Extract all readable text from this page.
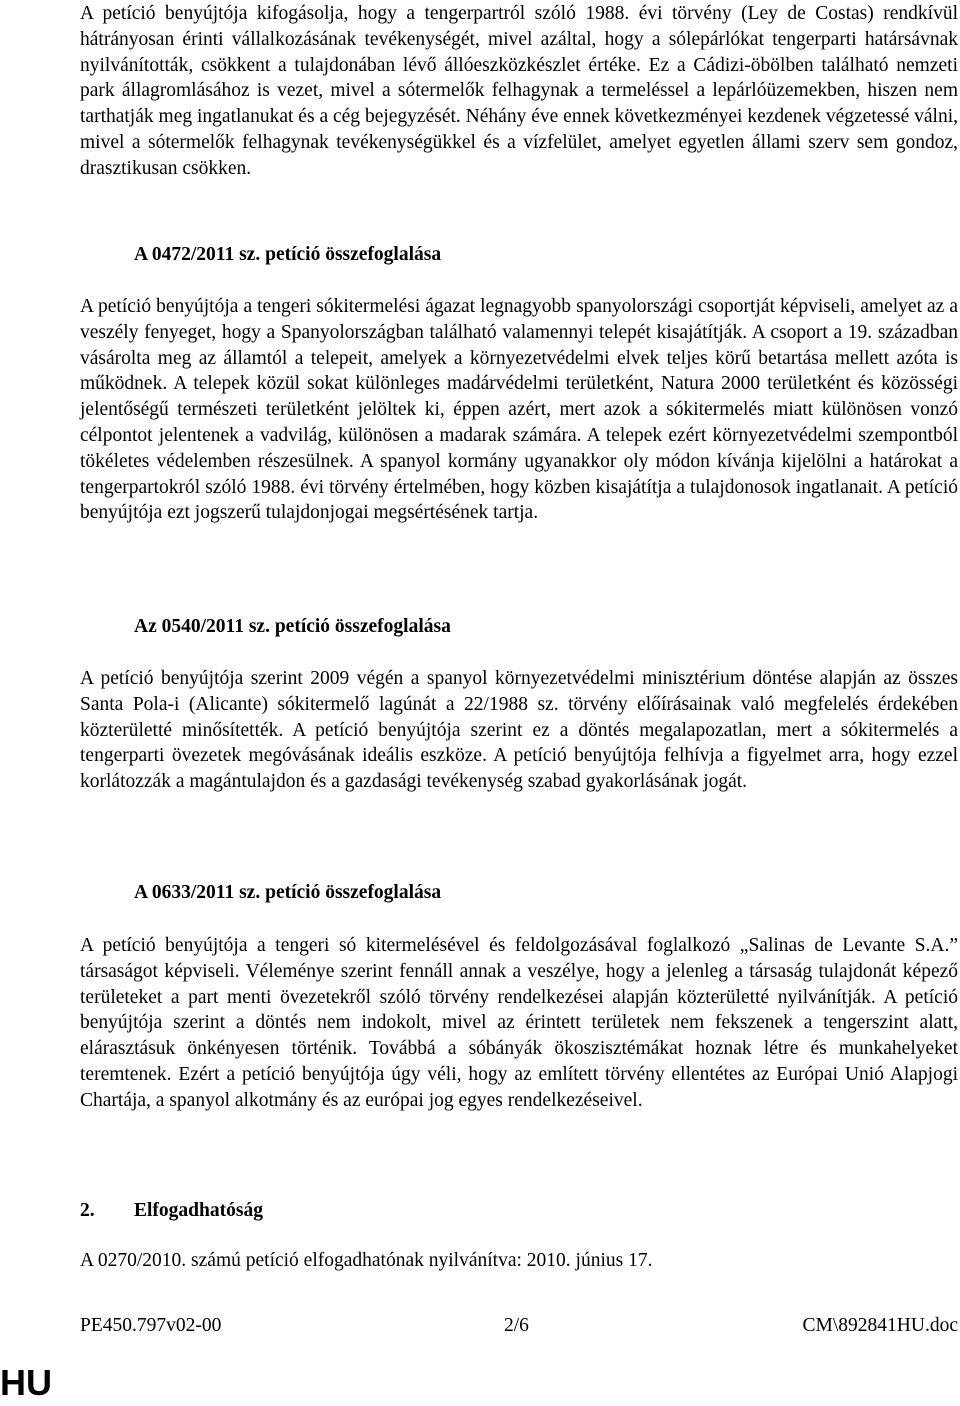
A petíció benyújtója kifogásolja, hogy a tengerpartról szóló 1988. évi törvény (Ley de Costas) rendkívül hátrányosan érinti vállalkozásának tevékenységét, mivel azáltal, hogy a sólepárlókat tengerparti határsávnak nyilvánították, csökkent a tulajdonában lévő állóeszközkészlet értéke. Ez a Cádizi-öbölben található nemzeti park állagromlásához is vezet, mivel a sótermelők felhagynak a termeléssel a lepárlóüzemekben, hiszen nem tarthatják meg ingatlanukat és a cég bejegyzését. Néhány éve ennek következményei kezdenek végzetessé válni, mivel a sótermelők felhagynak tevékenységükkel és a vízfelület, amelyet egyetlen állami szerv sem gondoz, drasztikusan csökken.

A 0472/2011 sz. petíció összefoglalása

A petíció benyújtója a tengeri sókitermelési ágazat legnagyobb spanyolországi csoportját képviseli, amelyet az a veszély fenyeget, hogy a Spanyolországban található valamennyi telepét kisajátítják. A csoport a 19. században vásárolta meg az államtól a telepeit, amelyek a környezetvédelmi elvek teljes körű betartása mellett azóta is működnek. A telepek közül sokat különleges madárvédelmi területként, Natura 2000 területként és közösségi jelentőségű természeti területként jelöltek ki, éppen azért, mert azok a sókitermelés miatt különösen vonzó célpontot jelentenek a vadvilág, különösen a madarak számára. A telepek ezért környezetvédelmi szempontból tökéletes védelemben részesülnek. A spanyol kormány ugyanakkor oly módon kívánja kijelölni a határokat a tengerpartokról szóló 1988. évi törvény értelmében, hogy közben kisajátítja a tulajdonosok ingatlanait. A petíció benyújtója ezt jogszerű tulajdonjogai megsértésének tartja.

Az 0540/2011 sz. petíció összefoglalása

A petíció benyújtója szerint 2009 végén a spanyol környezetvédelmi minisztérium döntése alapján az összes Santa Pola-i (Alicante) sókitermelő lagúnát a 22/1988 sz. törvény előírásainak való megfelelés érdekében közterületté minősítették. A petíció benyújtója szerint ez a döntés megalapozatlan, mert a sókitermelés a tengerparti övezetek megóvásának ideális eszköze. A petíció benyújtója felhívja a figyelmet arra, hogy ezzel korlátozzák a magántulajdon és a gazdasági tevékenység szabad gyakorlásának jogát.

A 0633/2011 sz. petíció összefoglalása

A petíció benyújtója a tengeri só kitermelésével és feldolgozásával foglalkozó „Salinas de Levante S.A.” társaságot képviseli. Véleménye szerint fennáll annak a veszélye, hogy a jelenleg a társaság tulajdonát képező területeket a part menti övezetekről szóló törvény rendelkezései alapján közterületté nyilvánítják. A petíció benyújtója szerint a döntés nem indokolt, mivel az érintett területek nem fekszenek a tengerszint alatt, elárasztásuk önkényesen történik. Továbbá a sóbányák ökoszisztémákat hoznak létre és munkahelyeket teremtenek. Ezért a petíció benyújtója úgy véli, hogy az említett törvény ellentétes az Európai Unió Alapjogi Chartája, a spanyol alkotmány és az európai jog egyes rendelkezéseivel.

2. Elfogadhatóság

A 0270/2010. számú petíció elfogadhatónak nyilvánítva: 2010. június 17.

PE450.797v02-00	2/6	CM\892841HU.doc
HU
